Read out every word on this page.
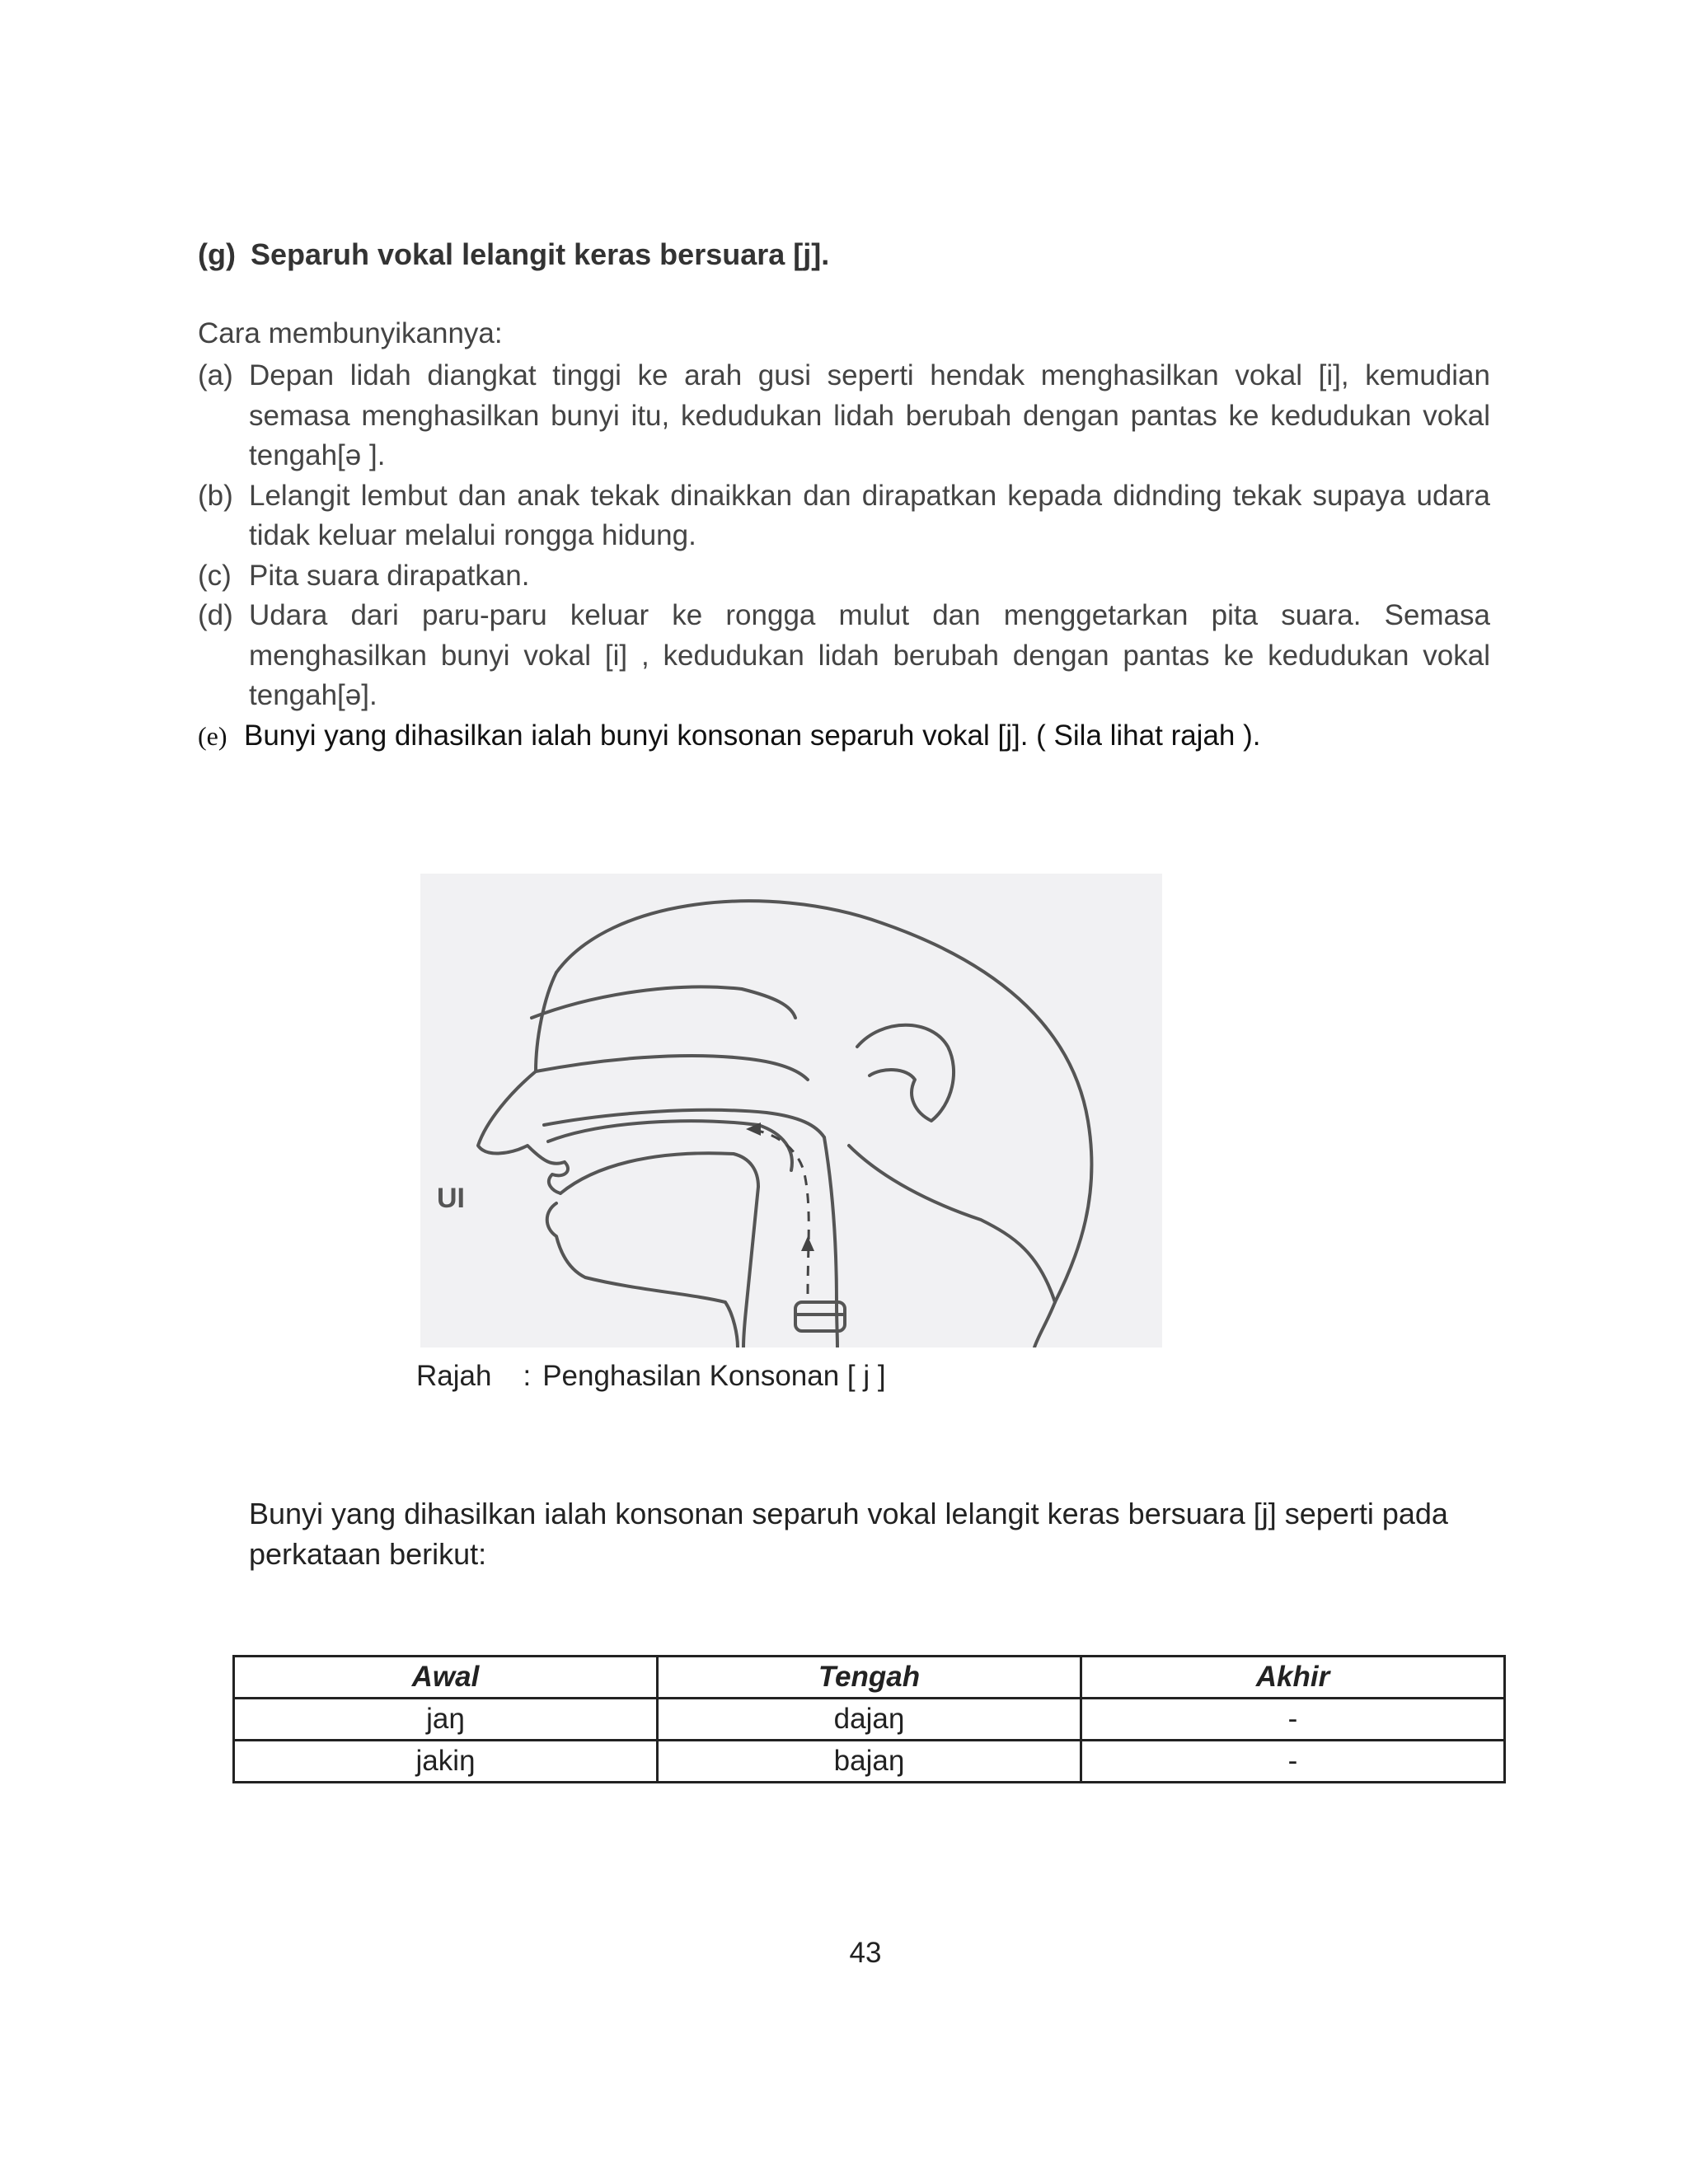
(g) Separuh vokal lelangit keras bersuara [j].
Cara membunyikannya:
(a) Depan lidah diangkat tinggi ke arah gusi seperti hendak menghasilkan vokal [i], kemudian semasa menghasilkan bunyi itu, kedudukan lidah berubah dengan pantas ke kedudukan vokal tengah[ə ].
(b) Lelangit lembut dan anak tekak dinaikkan dan dirapatkan kepada didnding tekak supaya udara tidak keluar melalui rongga hidung.
(c) Pita suara dirapatkan.
(d) Udara dari paru-paru keluar ke rongga mulut dan menggetarkan pita suara. Semasa menghasilkan bunyi vokal [i] , kedudukan lidah berubah dengan pantas ke kedudukan vokal tengah[ə].
(e) Bunyi yang dihasilkan ialah bunyi konsonan separuh vokal [j]. ( Sila lihat rajah ).
UI
Rajah : Penghasilan Konsonan [ j ]
Bunyi yang dihasilkan ialah konsonan separuh vokal lelangit keras bersuara [j] seperti pada perkataan berikut:
Awal	Tengah	Akhir
jaŋ	dajaŋ	-
jakiŋ	bajaŋ	-
43
